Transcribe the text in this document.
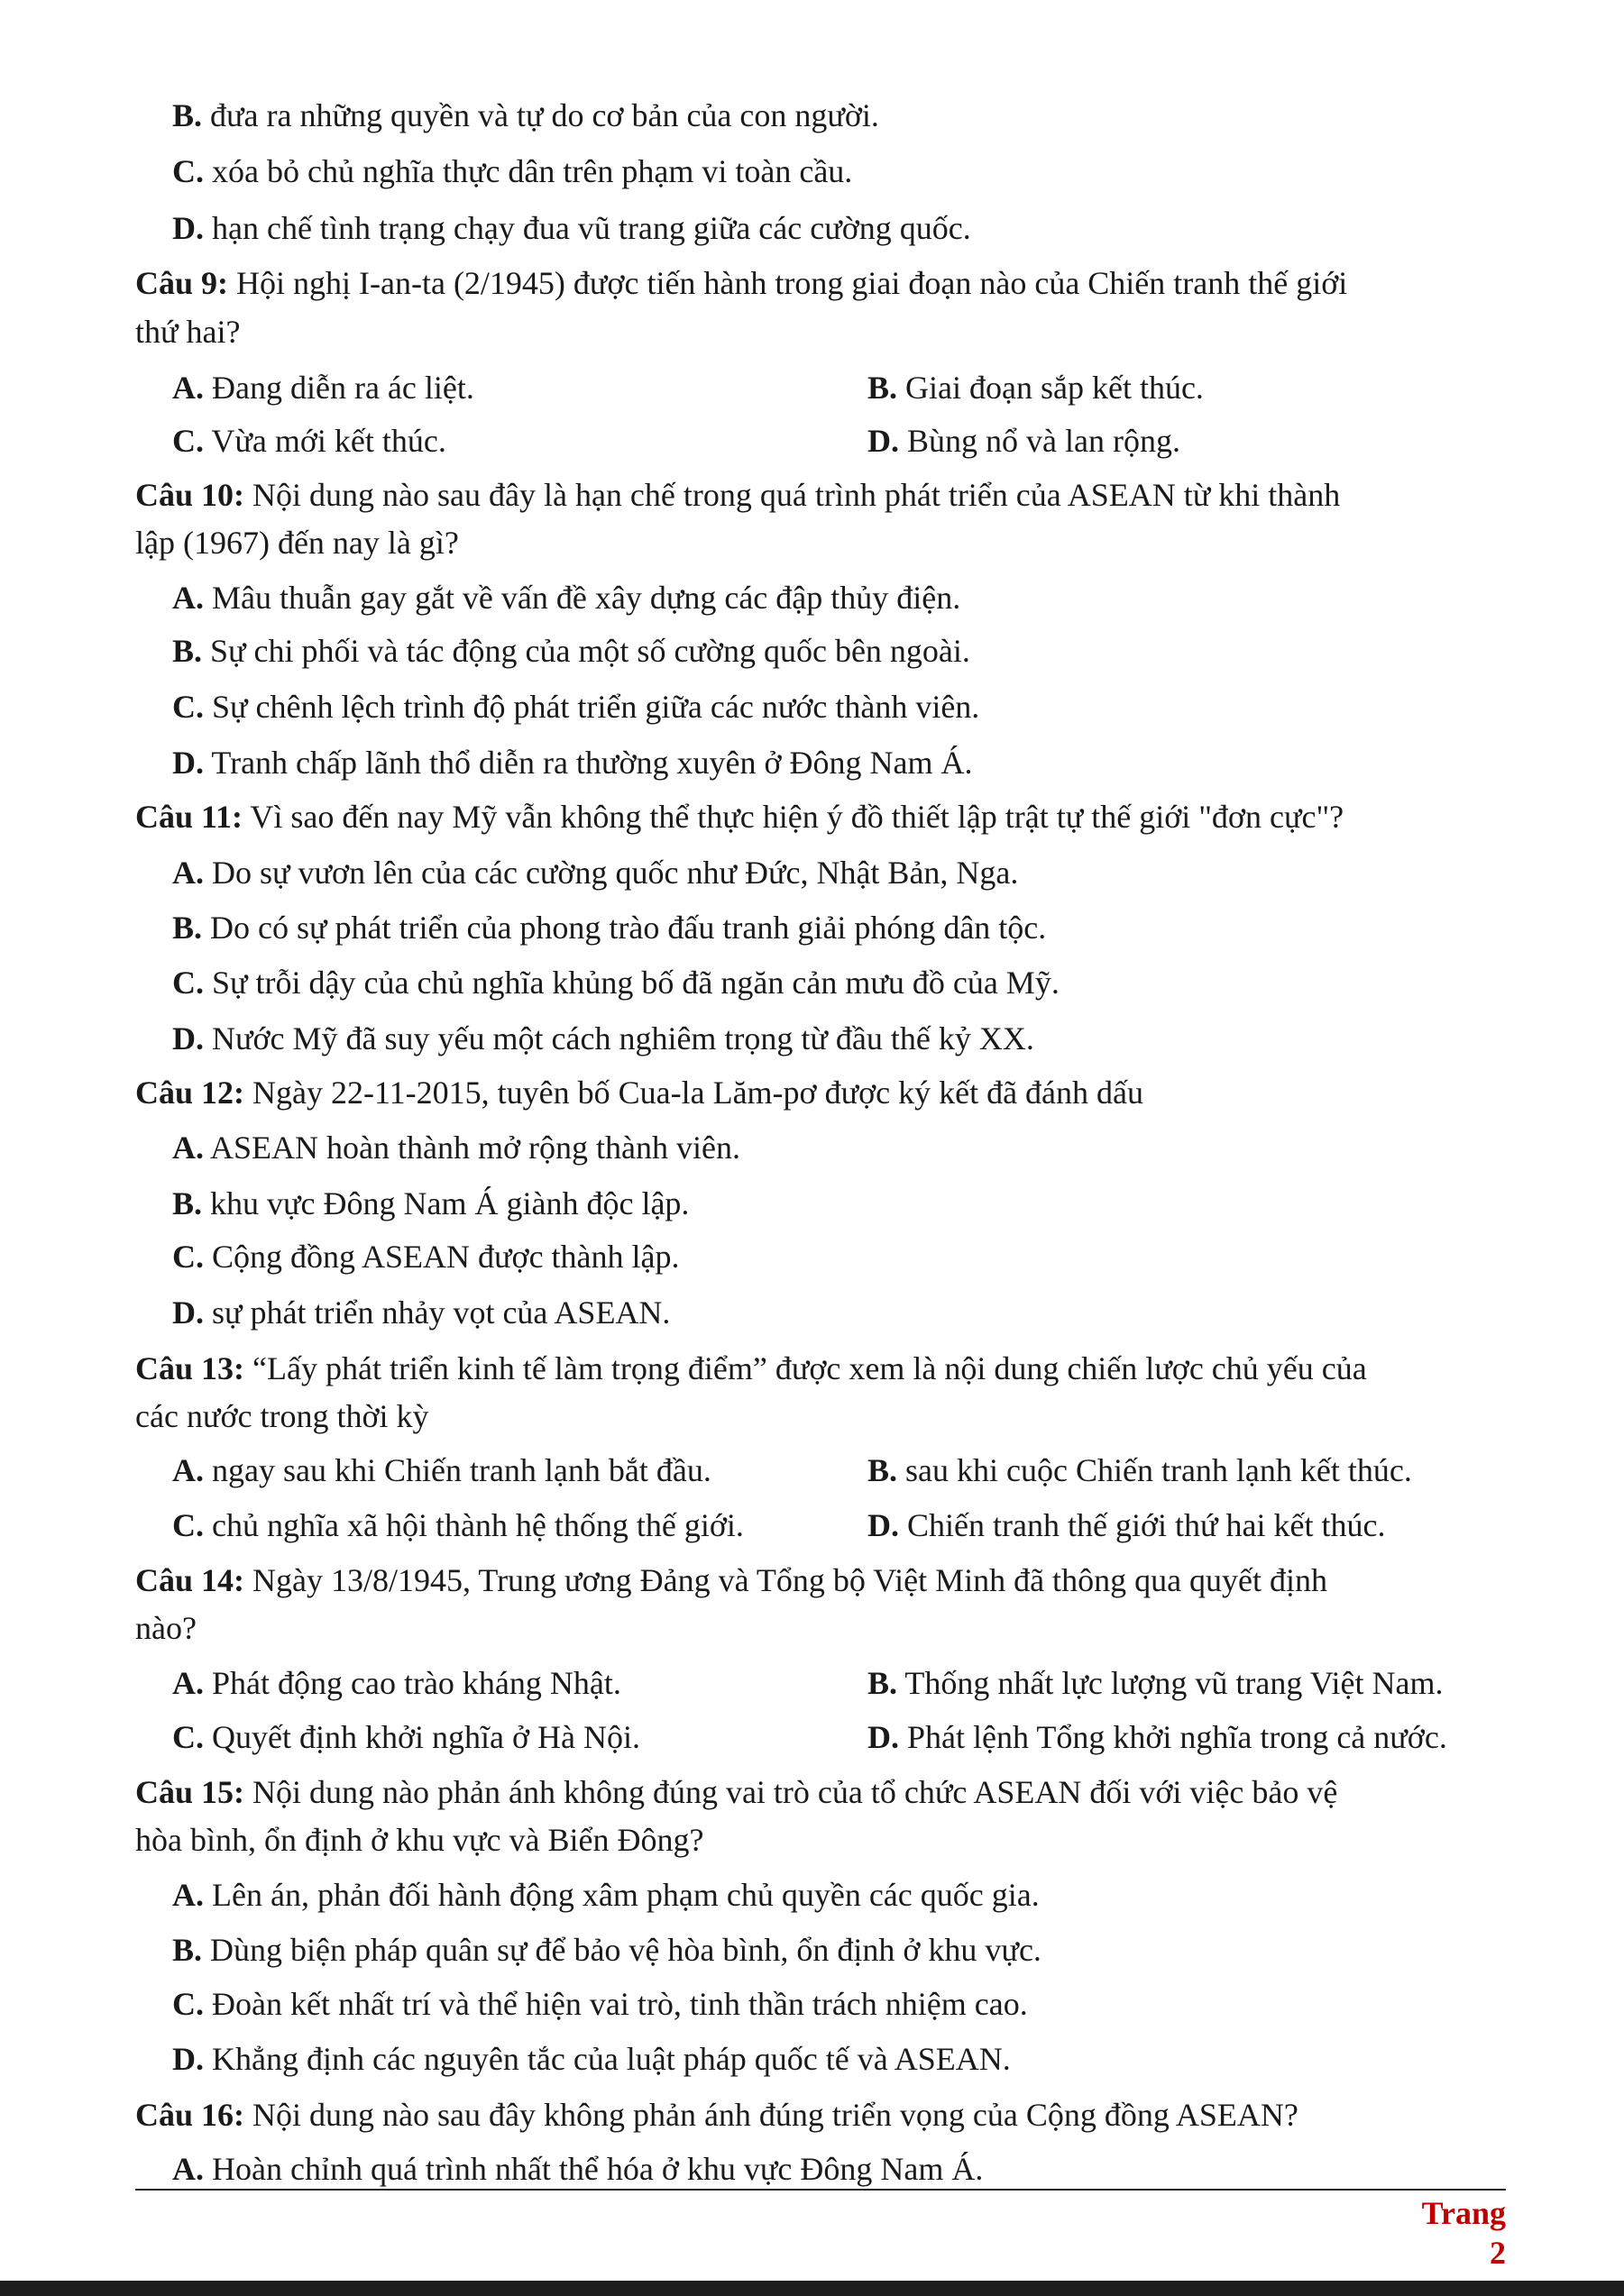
B. đưa ra những quyền và tự do cơ bản của con người.
C. xóa bỏ chủ nghĩa thực dân trên phạm vi toàn cầu.
D. hạn chế tình trạng chạy đua vũ trang giữa các cường quốc.
Câu 9: Hội nghị I-an-ta (2/1945) được tiến hành trong giai đoạn nào của Chiến tranh thế giới
thứ hai?
A. Đang diễn ra ác liệt.	B. Giai đoạn sắp kết thúc.
C. Vừa mới kết thúc.	D. Bùng nổ và lan rộng.
Câu 10: Nội dung nào sau đây là hạn chế trong quá trình phát triển của ASEAN từ khi thành
lập (1967) đến nay là gì?
A. Mâu thuẫn gay gắt về vấn đề xây dựng các đập thủy điện.
B. Sự chi phối và tác động của một số cường quốc bên ngoài.
C. Sự chênh lệch trình độ phát triển giữa các nước thành viên.
D. Tranh chấp lãnh thổ diễn ra thường xuyên ở Đông Nam Á.
Câu 11: Vì sao đến nay Mỹ vẫn không thể thực hiện ý đồ thiết lập trật tự thế giới "đơn cực"?
A. Do sự vươn lên của các cường quốc như Đức, Nhật Bản, Nga.
B. Do có sự phát triển của phong trào đấu tranh giải phóng dân tộc.
C. Sự trỗi dậy của chủ nghĩa khủng bố đã ngăn cản mưu đồ của Mỹ.
D. Nước Mỹ đã suy yếu một cách nghiêm trọng từ đầu thế kỷ XX.
Câu 12: Ngày 22-11-2015, tuyên bố Cua-la Lăm-pơ được ký kết đã đánh dấu
A. ASEAN hoàn thành mở rộng thành viên.
B. khu vực Đông Nam Á giành độc lập.
C. Cộng đồng ASEAN được thành lập.
D. sự phát triển nhảy vọt của ASEAN.
Câu 13: “Lấy phát triển kinh tế làm trọng điểm” được xem là nội dung chiến lược chủ yếu của
các nước trong thời kỳ
A. ngay sau khi Chiến tranh lạnh bắt đầu.	B. sau khi cuộc Chiến tranh lạnh kết thúc.
C. chủ nghĩa xã hội thành hệ thống thế giới.	D. Chiến tranh thế giới thứ hai kết thúc.
Câu 14: Ngày 13/8/1945, Trung ương Đảng và Tổng bộ Việt Minh đã thông qua quyết định
nào?
A. Phát động cao trào kháng Nhật.	B. Thống nhất lực lượng vũ trang Việt Nam.
C. Quyết định khởi nghĩa ở Hà Nội.	D. Phát lệnh Tổng khởi nghĩa trong cả nước.
Câu 15: Nội dung nào phản ánh không đúng vai trò của tổ chức ASEAN đối với việc bảo vệ
hòa bình, ổn định ở khu vực và Biển Đông?
A. Lên án, phản đối hành động xâm phạm chủ quyền các quốc gia.
B. Dùng biện pháp quân sự để bảo vệ hòa bình, ổn định ở khu vực.
C. Đoàn kết nhất trí và thể hiện vai trò, tinh thần trách nhiệm cao.
D. Khẳng định các nguyên tắc của luật pháp quốc tế và ASEAN.
Câu 16: Nội dung nào sau đây không phản ánh đúng triển vọng của Cộng đồng ASEAN?
A. Hoàn chỉnh quá trình nhất thể hóa ở khu vực Đông Nam Á.
Trang 2
